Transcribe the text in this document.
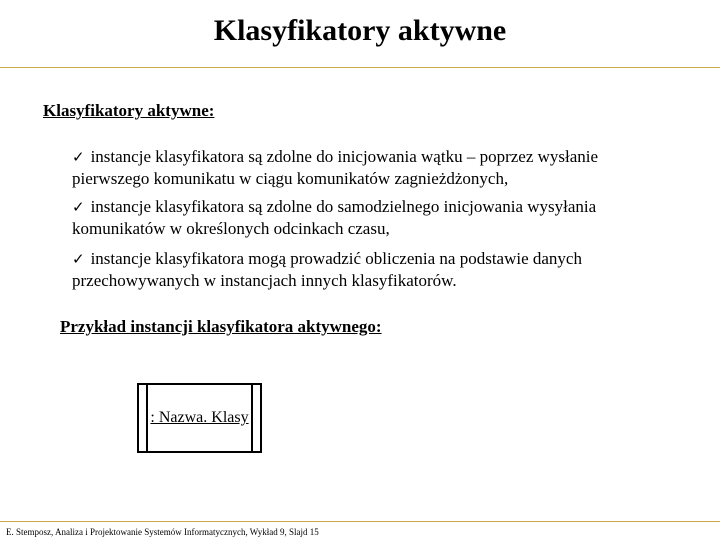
Klasyfikatory aktywne
Klasyfikatory aktywne:
✓ instancje klasyfikatora są zdolne do inicjowania wątku – poprzez wysłanie
pierwszego komunikatu w ciągu komunikatów zagnieżdżonych,
✓ instancje klasyfikatora są zdolne do samodzielnego inicjowania wysyłania
komunikatów w określonych odcinkach czasu,
✓ instancje klasyfikatora mogą prowadzić obliczenia na podstawie danych
przechowywanych w instancjach innych klasyfikatorów.
Przykład instancji klasyfikatora aktywnego:
: Nazwa. Klasy
E. Stemposz, Analiza i Projektowanie Systemów Informatycznych, Wykład 9, Slajd 15
